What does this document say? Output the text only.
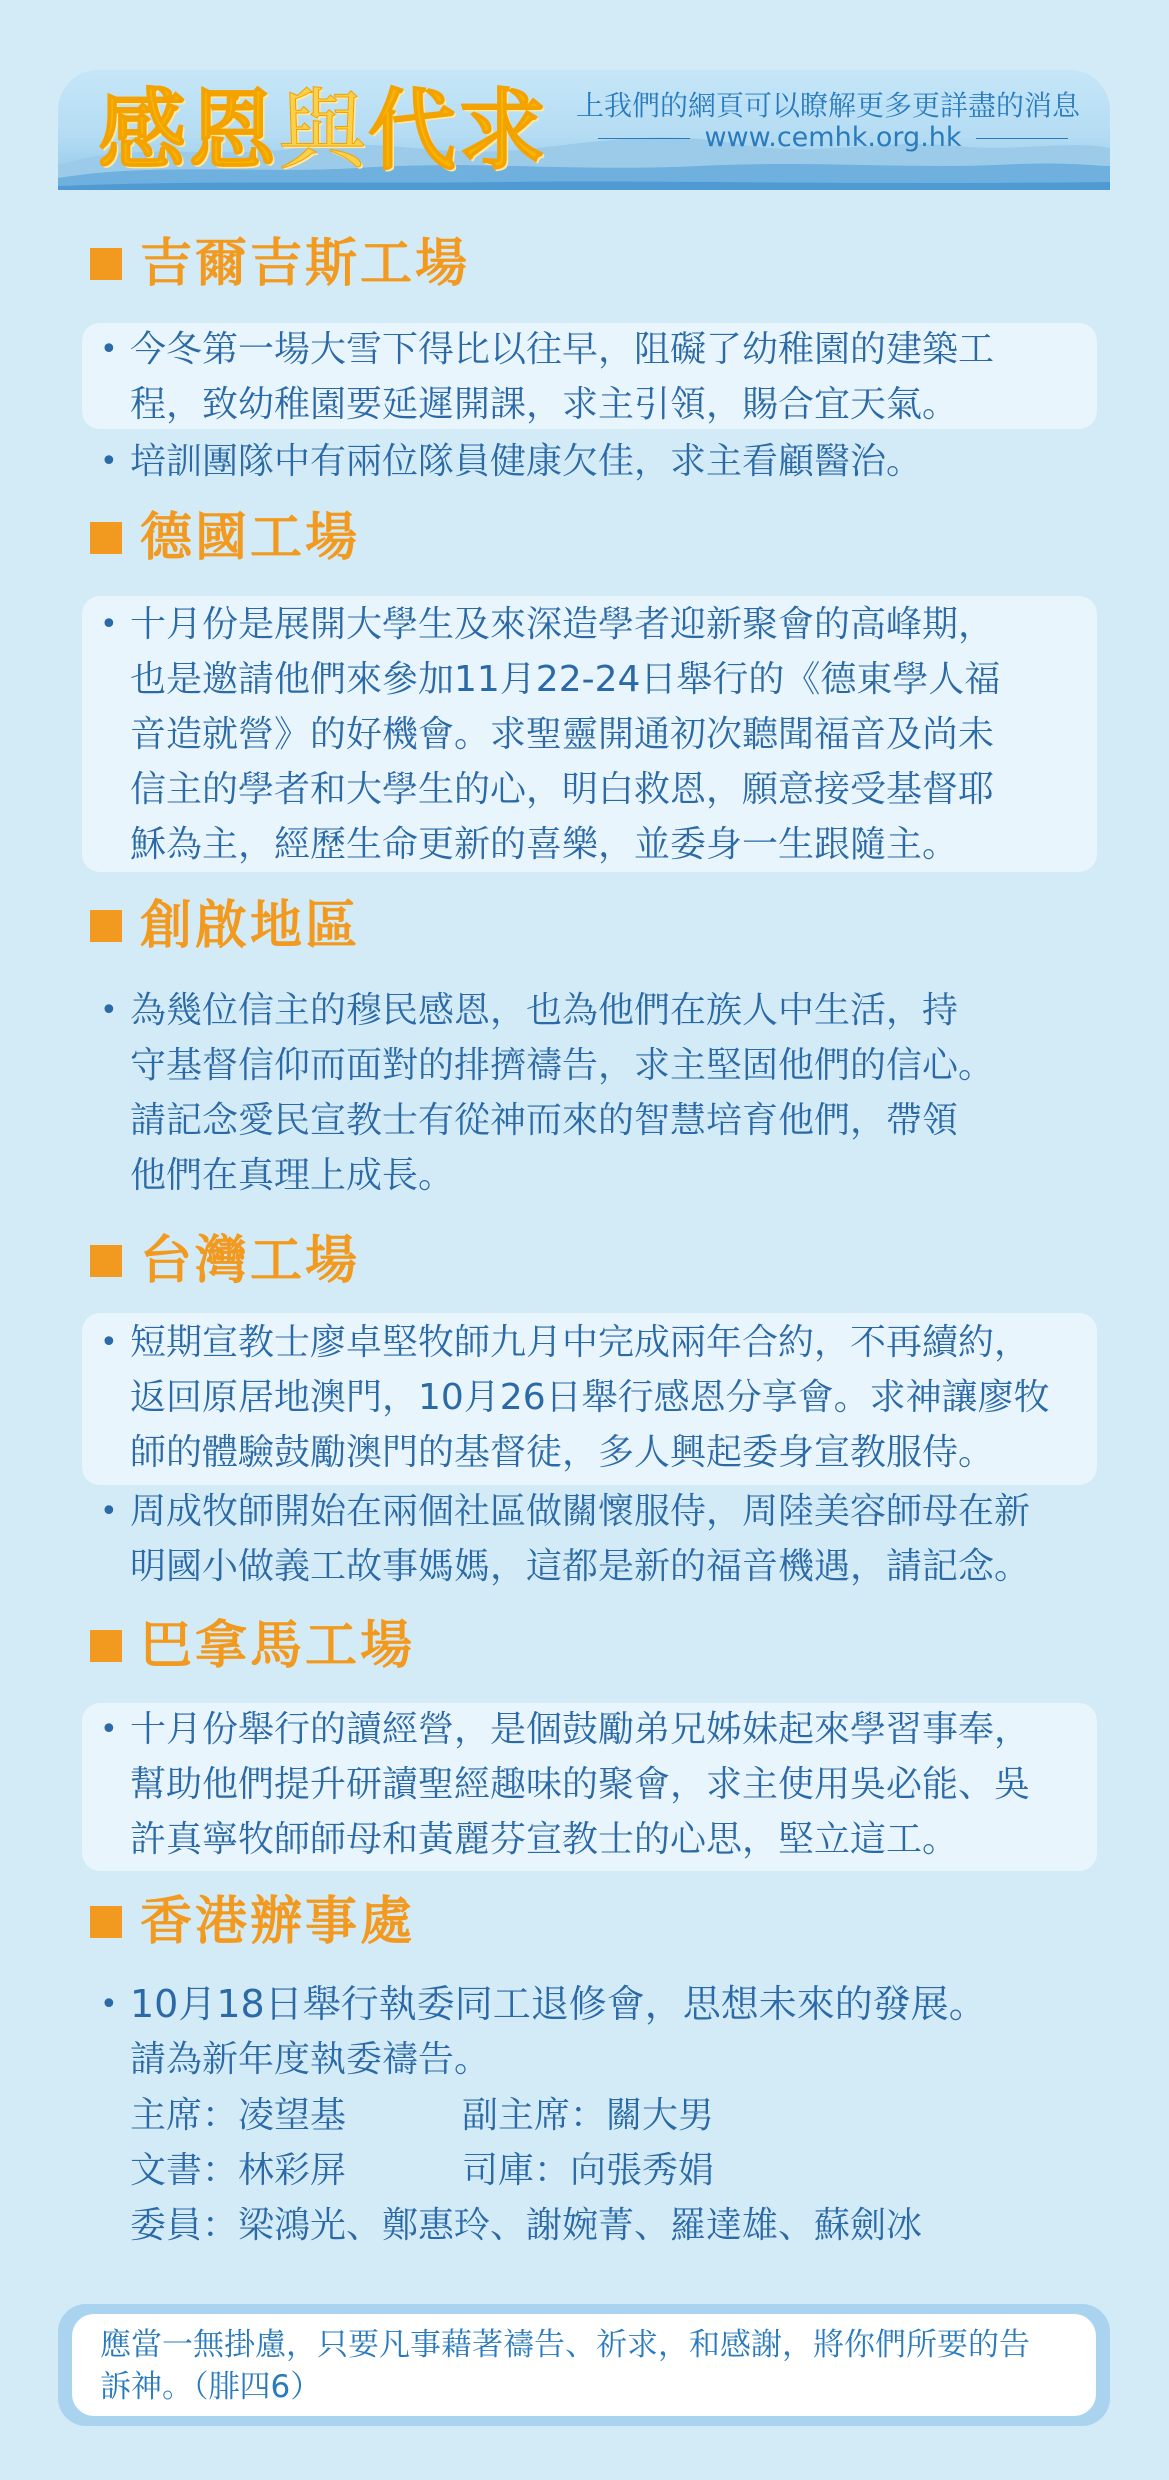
感恩與代求 上我們的網頁可以瞭解更多更詳盡的消息
www.cemhk.org.hk
吉爾吉斯工場
• 今冬第一場大雪下得比以往早，阻礙了幼稚園的建築工
程，致幼稚園要延遲開課，求主引領，賜合宜天氣。
• 培訓團隊中有兩位隊員健康欠佳，求主看顧醫治。
德國工場
• 十月份是展開大學生及來深造學者迎新聚會的高峰期，
也是邀請他們來參加11月22-24日舉行的《德東學人福
音造就營》的好機會。求聖靈開通初次聽聞福音及尚未
信主的學者和大學生的心，明白救恩，願意接受基督耶
穌為主，經歷生命更新的喜樂，並委身一生跟隨主。
創啟地區
• 為幾位信主的穆民感恩，也為他們在族人中生活，持
守基督信仰而面對的排擠禱告，求主堅固他們的信心。
請記念愛民宣教士有從神而來的智慧培育他們，帶領
他們在真理上成長。
台灣工場
• 短期宣教士廖卓堅牧師九月中完成兩年合約，不再續約，
返回原居地澳門，10月26日舉行感恩分享會。求神讓廖牧
師的體驗鼓勵澳門的基督徒，多人興起委身宣教服侍。
• 周成牧師開始在兩個社區做關懷服侍，周陸美容師母在新
明國小做義工故事媽媽，這都是新的福音機遇，請記念。
巴拿馬工場
• 十月份舉行的讀經營，是個鼓勵弟兄姊妹起來學習事奉，
幫助他們提升研讀聖經趣味的聚會，求主使用吳必能、吳
許真寧牧師師母和黃麗芬宣教士的心思，堅立這工。
香港辦事處
• 10月18日舉行執委同工退修會，思想未來的發展。
請為新年度執委禱告。
主席：凌望基	副主席：關大男
文書：林彩屏	司庫：向張秀娟
委員：梁鴻光、鄭惠玲、謝婉菁、羅達雄、蘇劍冰
應當一無掛慮，只要凡事藉著禱告、祈求，和感謝，將你們所要的告
訴神。（腓四6）
